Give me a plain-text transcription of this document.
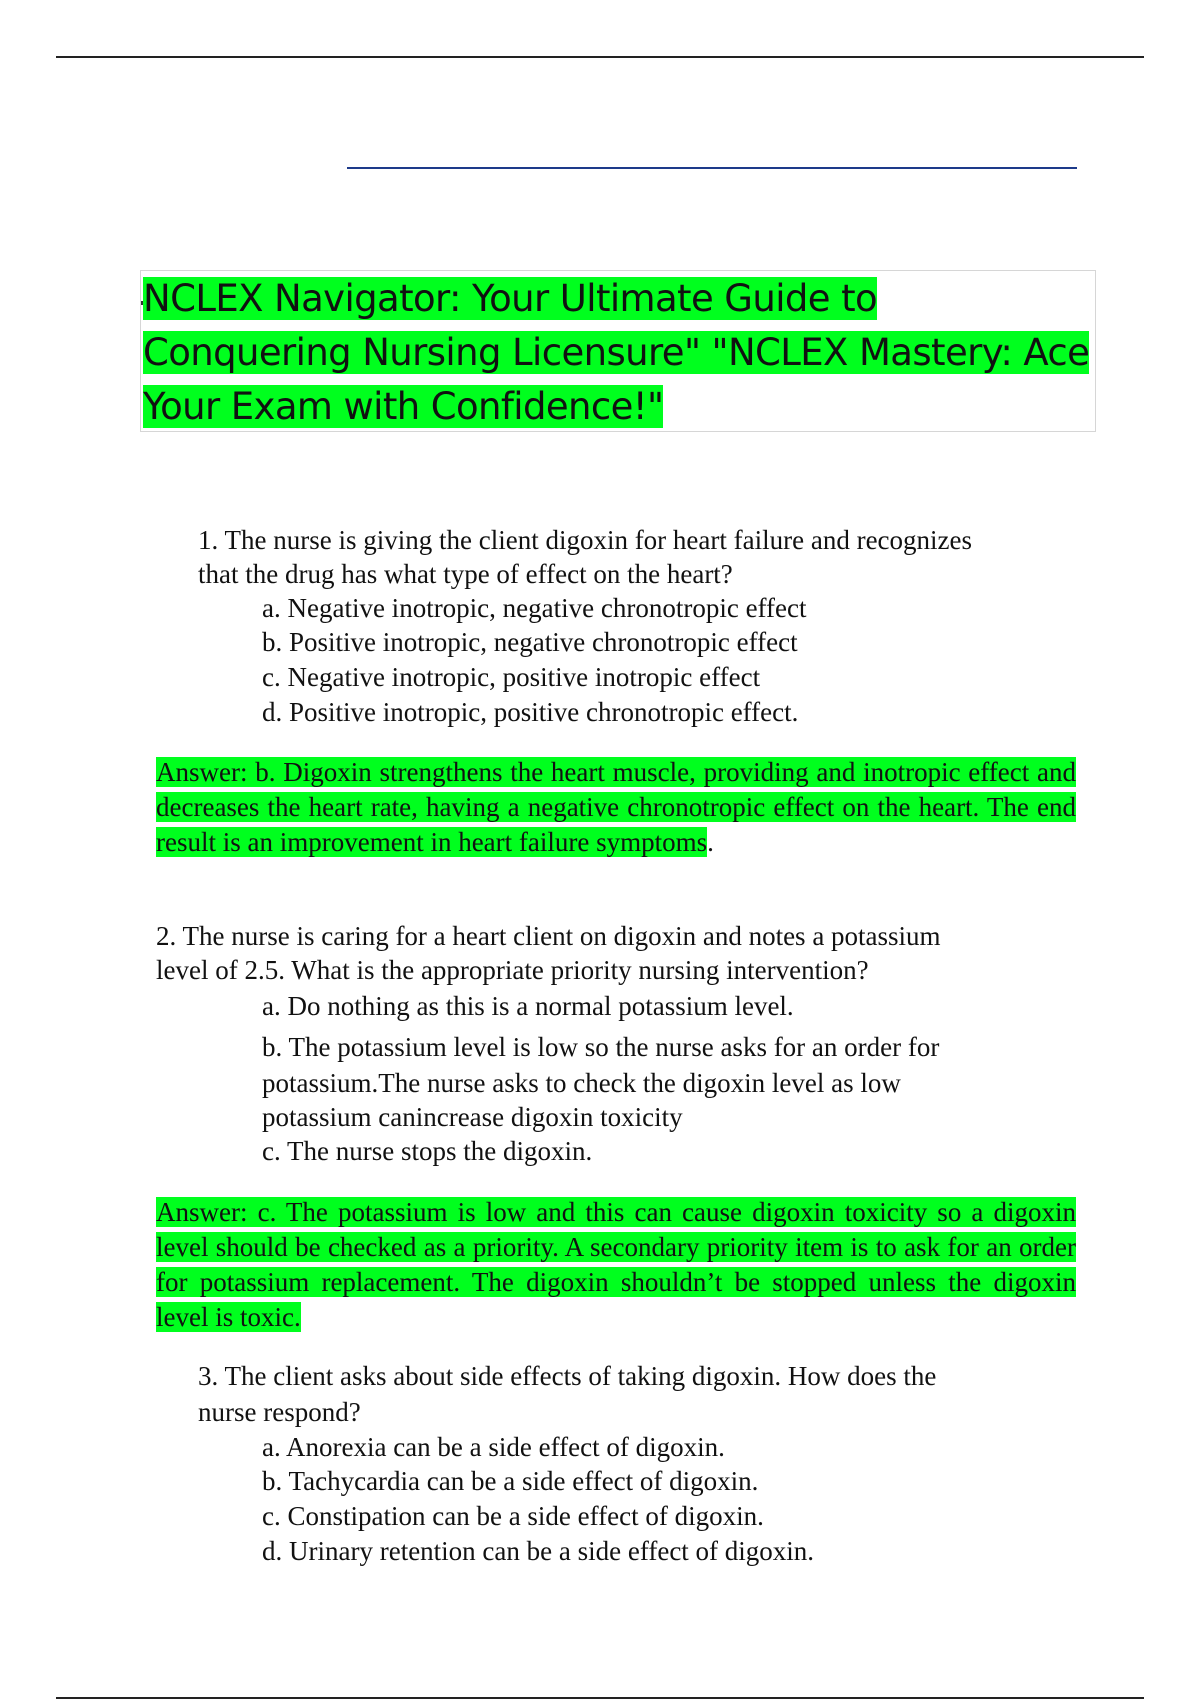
NCLEX Navigator: Your Ultimate Guide to
Conquering Nursing Licensure" "NCLEX Mastery: Ace
Your Exam with Confidence!"
1. The nurse is giving the client digoxin for heart failure and recognizes
that the drug has what type of effect on the heart?
a. Negative inotropic, negative chronotropic effect
b. Positive inotropic, negative chronotropic effect
c. Negative inotropic, positive inotropic effect
d. Positive inotropic, positive chronotropic effect.
Answer: b. Digoxin strengthens the heart muscle, providing and inotropic effect and decreases the heart rate, having a negative chronotropic effect on the heart. The end result is an improvement in heart failure symptoms.
2. The nurse is caring for a heart client on digoxin and notes a potassium
level of 2.5. What is the appropriate priority nursing intervention?
a. Do nothing as this is a normal potassium level.
b. The potassium level is low so the nurse asks for an order for
potassium.The nurse asks to check the digoxin level as low
potassium canincrease digoxin toxicity
c. The nurse stops the digoxin.
Answer: c. The potassium is low and this can cause digoxin toxicity so a digoxin level should be checked as a priority. A secondary priority item is to ask for an order for potassium replacement. The digoxin shouldn’t be stopped unless the digoxin level is toxic.
3. The client asks about side effects of taking digoxin. How does the
nurse respond?
a. Anorexia can be a side effect of digoxin.
b. Tachycardia can be a side effect of digoxin.
c. Constipation can be a side effect of digoxin.
d. Urinary retention can be a side effect of digoxin.
